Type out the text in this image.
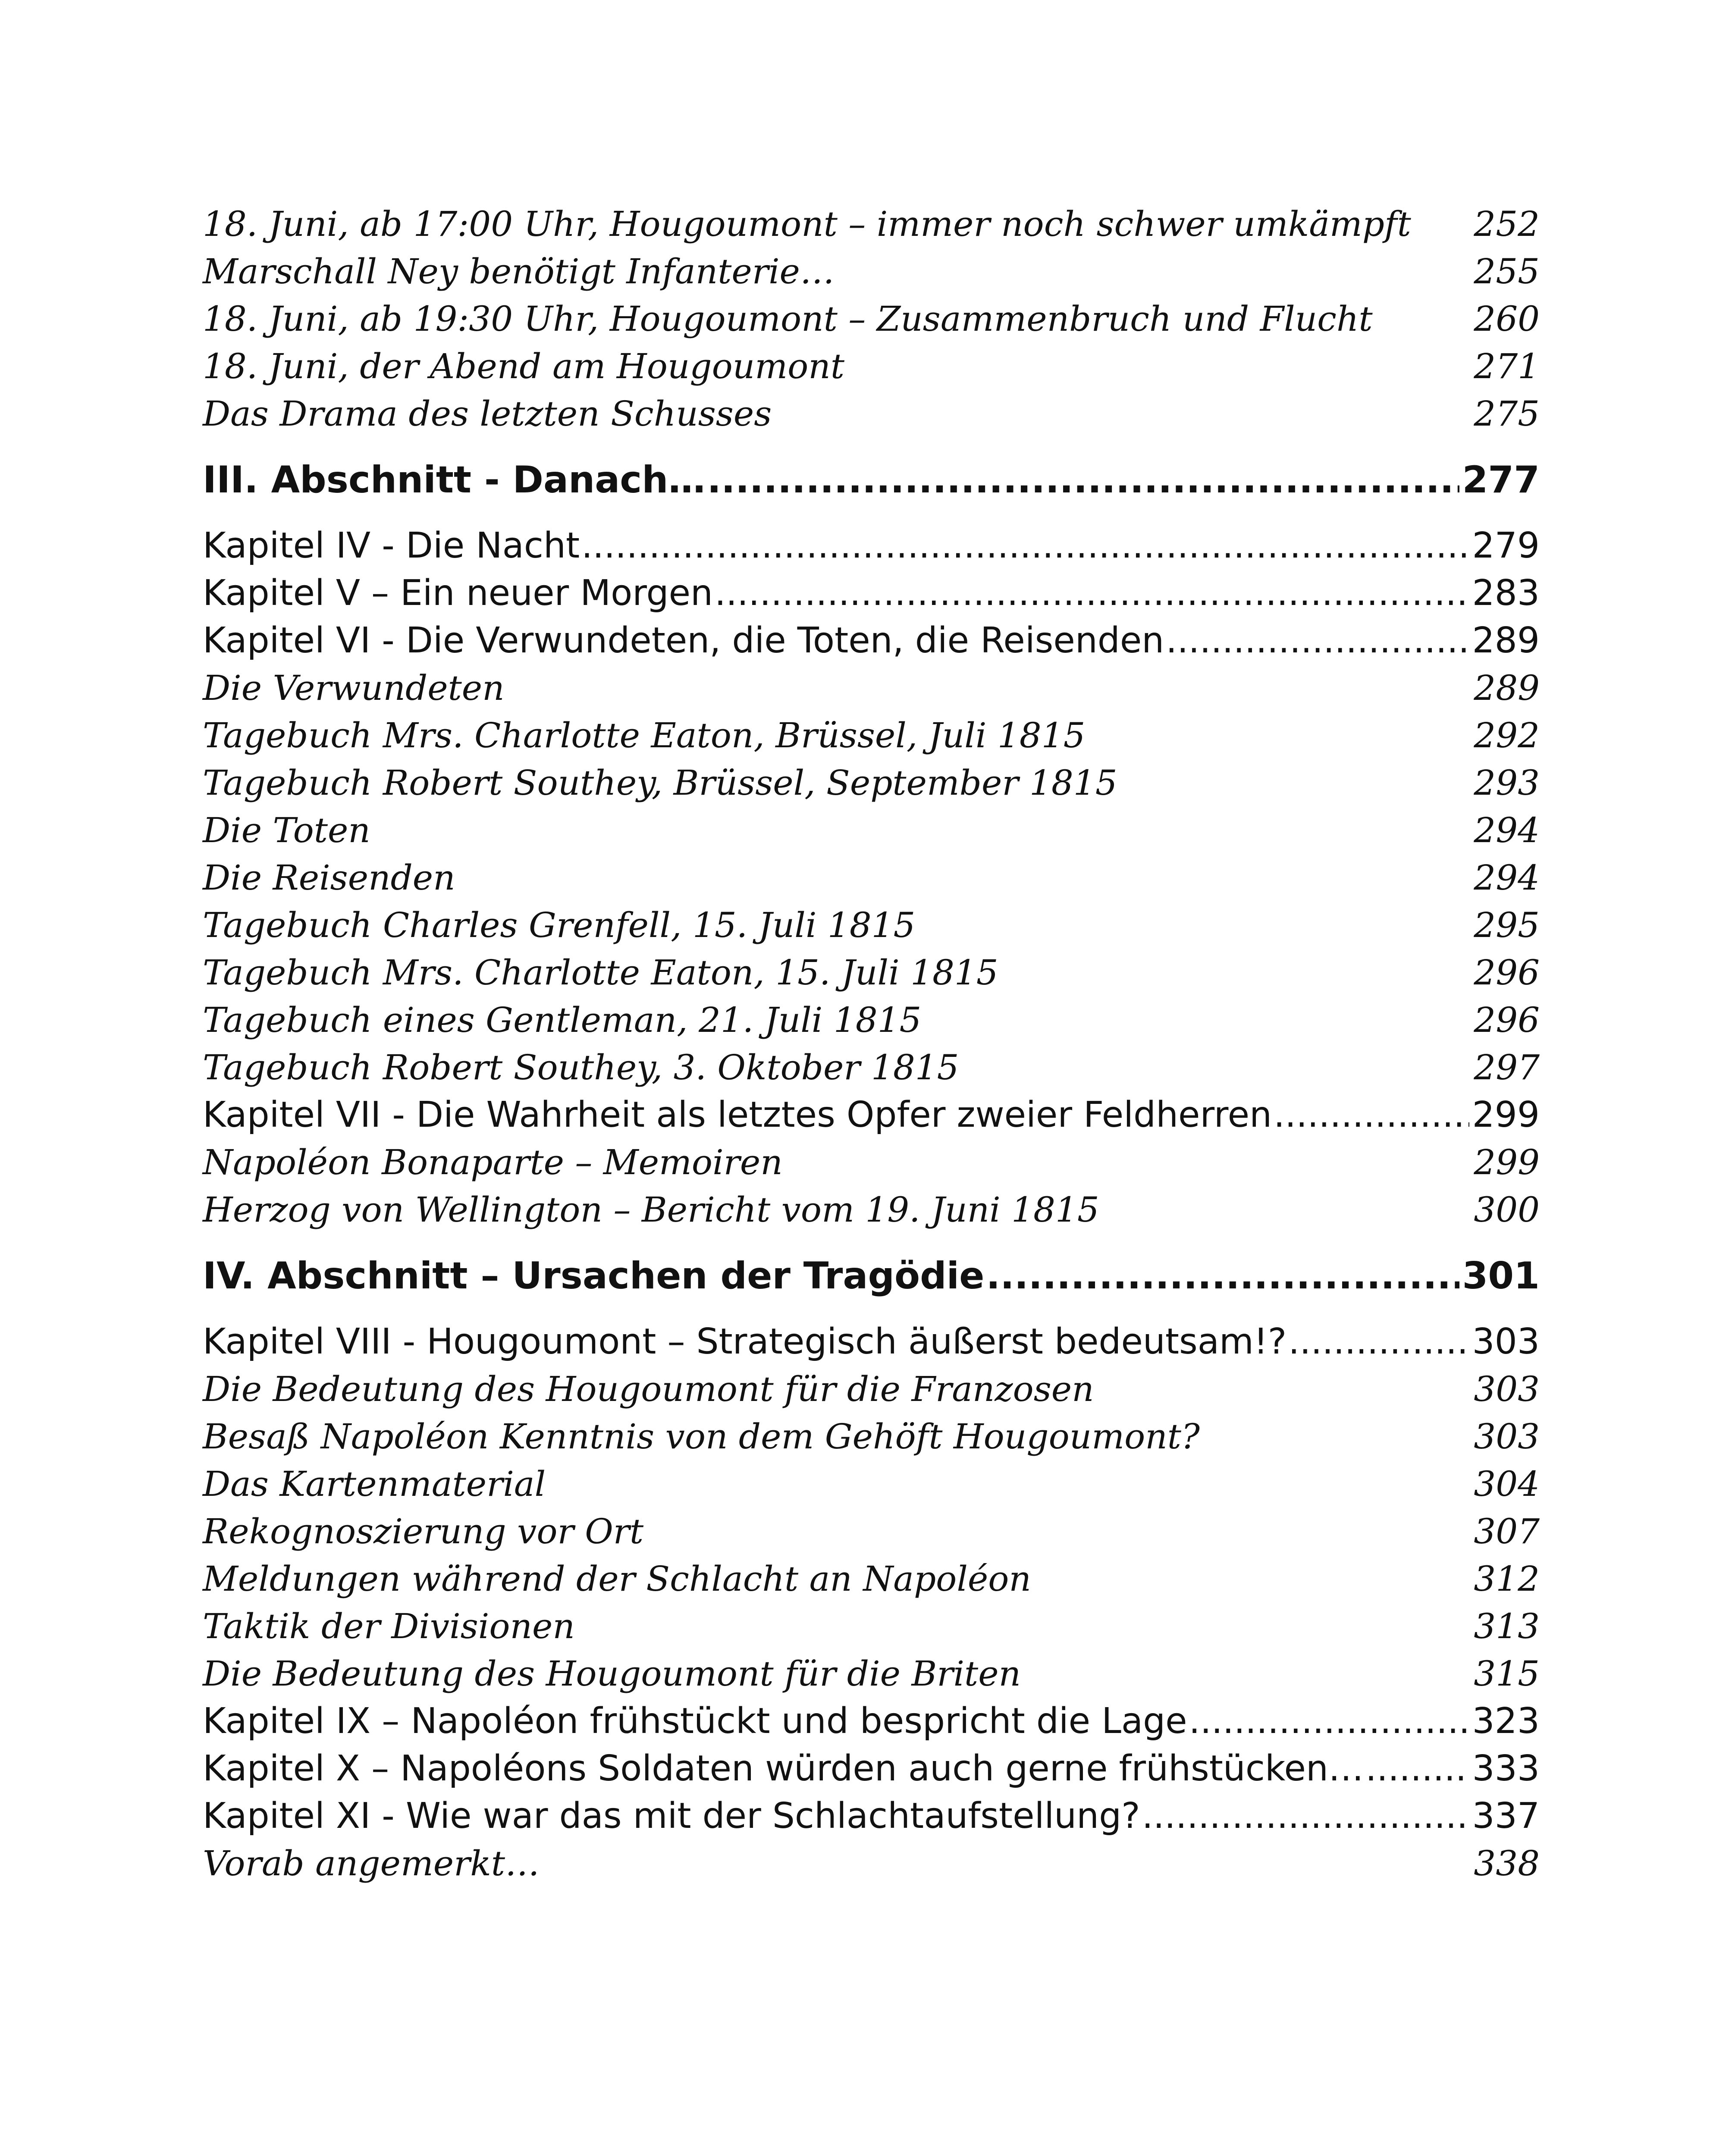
18. Juni, ab 17:00 Uhr, Hougoumont – immer noch schwer umkämpft 252
Marschall Ney benötigt Infanterie…	255
18. Juni, ab 19:30 Uhr, Hougoumont – Zusammenbruch und Flucht	260
18. Juni, der Abend am Hougoumont	271
Das Drama des letzten Schusses	275
III. Abschnitt - Danach… .....	277
Kapitel IV - Die Nacht .....	279
Kapitel V – Ein neuer Morgen .....	283
Kapitel VI - Die Verwundeten, die Toten, die Reisenden .....	289
Die Verwundeten	289
Tagebuch Mrs. Charlotte Eaton, Brüssel, Juli 1815	292
Tagebuch Robert Southey, Brüssel, September 1815	293
Die Toten	294
Die Reisenden	294
Tagebuch Charles Grenfell, 15. Juli 1815	295
Tagebuch Mrs. Charlotte Eaton, 15. Juli 1815	296
Tagebuch eines Gentleman, 21. Juli 1815	296
Tagebuch Robert Southey, 3. Oktober 1815	297
Kapitel VII - Die Wahrheit als letztes Opfer zweier Feldherren .....	299
Napoléon Bonaparte – Memoiren	299
Herzog von Wellington – Bericht vom 19. Juni 1815	300
IV. Abschnitt – Ursachen der Tragödie .....	301
Kapitel VIII - Hougoumont – Strategisch äußerst bedeutsam!? .....	303
Die Bedeutung des Hougoumont für die Franzosen	303
Besaß Napoléon Kenntnis von dem Gehöft Hougoumont?	303
Das Kartenmaterial	304
Rekognoszierung vor Ort	307
Meldungen während der Schlacht an Napoléon	312
Taktik der Divisionen	313
Die Bedeutung des Hougoumont für die Briten	315
Kapitel IX – Napoléon frühstückt und bespricht die Lage .....	323
Kapitel X – Napoléons Soldaten würden auch gerne frühstücken… .....	333
Kapitel XI - Wie war das mit der Schlachtaufstellung? .....	337
Vorab angemerkt…	338
